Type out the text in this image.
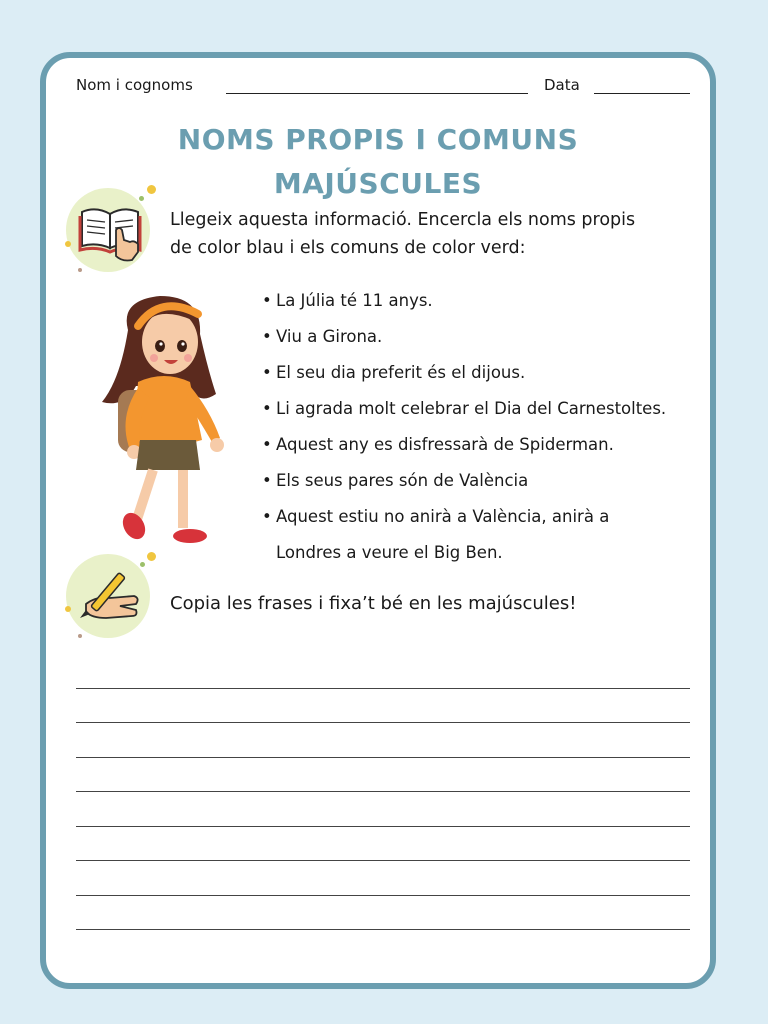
Nom i cognoms	Data
NOMS PROPIS I COMUNS
MAJÚSCULES
Llegeix aquesta informació. Encercla els noms propis
de color blau i els comuns de color verd:
• La Júlia té 11 anys.
• Viu a Girona.
• El seu dia preferit és el dijous.
• Li agrada molt celebrar el Dia del Carnestoltes.
• Aquest any es disfressarà de Spiderman.
• Els seus pares són de València
• Aquest estiu no anirà a València, anirà a
Londres a veure el Big Ben.
Copia les frases i fixa’t bé en les majúscules!
